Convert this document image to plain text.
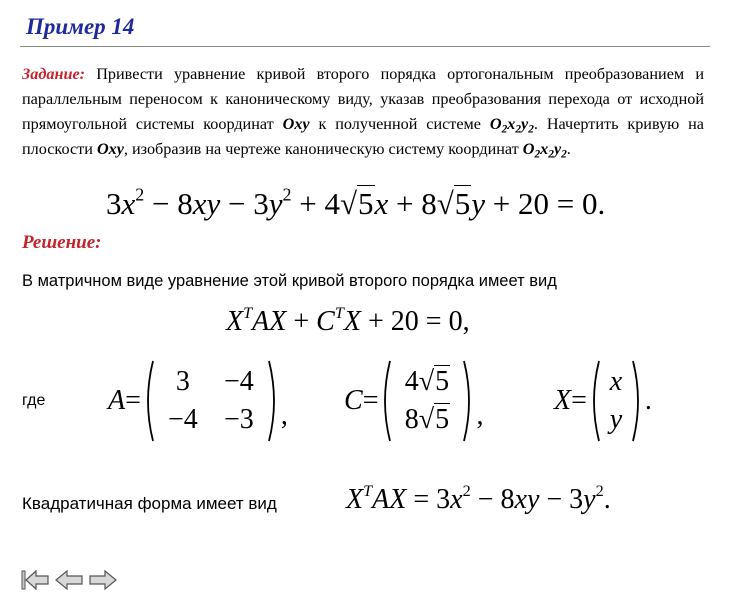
Пример 14
Задание: Привести уравнение кривой второго порядка ортогональным преобразованием и параллельным переносом к каноническому виду, указав преобразования перехода от исходной прямоугольной системы координат Oxy к полученной системе $O_2x_2y_2$. Начертить кривую на плоскости Oxy, изобразив на чертеже каноническую систему координат $O_2x_2y_2$.
$3x^2 - 8xy - 3y^2 + 4√5x + 8√5y + 20 = 0$.
Решение:
В матричном виде уравнение этой кривой второго порядка имеет вид
$X^TAX + C^TX + 20 = 0$,
где A =
3	−4
−4 −3 , C =
4√5
8√5 ,	X =
x
y
.
Квадратичная форма имеет вид $X^TAX = 3x^2 - 8xy - 3y^2$.
